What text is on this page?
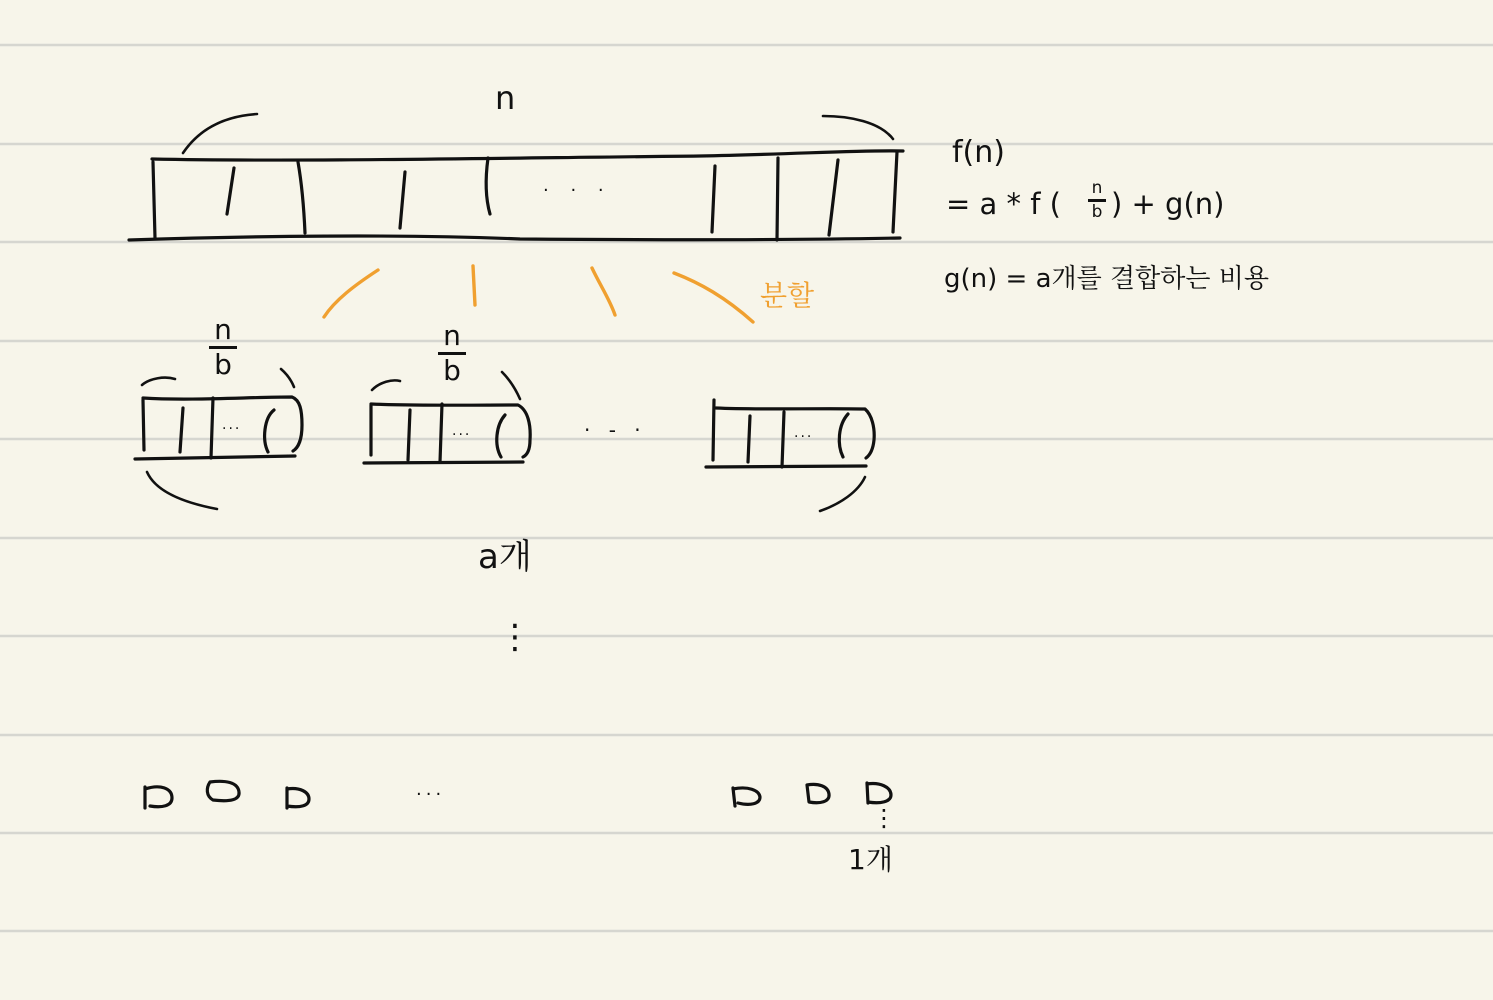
n
· · ·
f(n)
= a * f (	n
b ) + g(n)
g(n) = a개를 결합하는 비용
분할
n
b
···
n
b
···	· - ·	···
a개
⋮
···
⋮
1개
